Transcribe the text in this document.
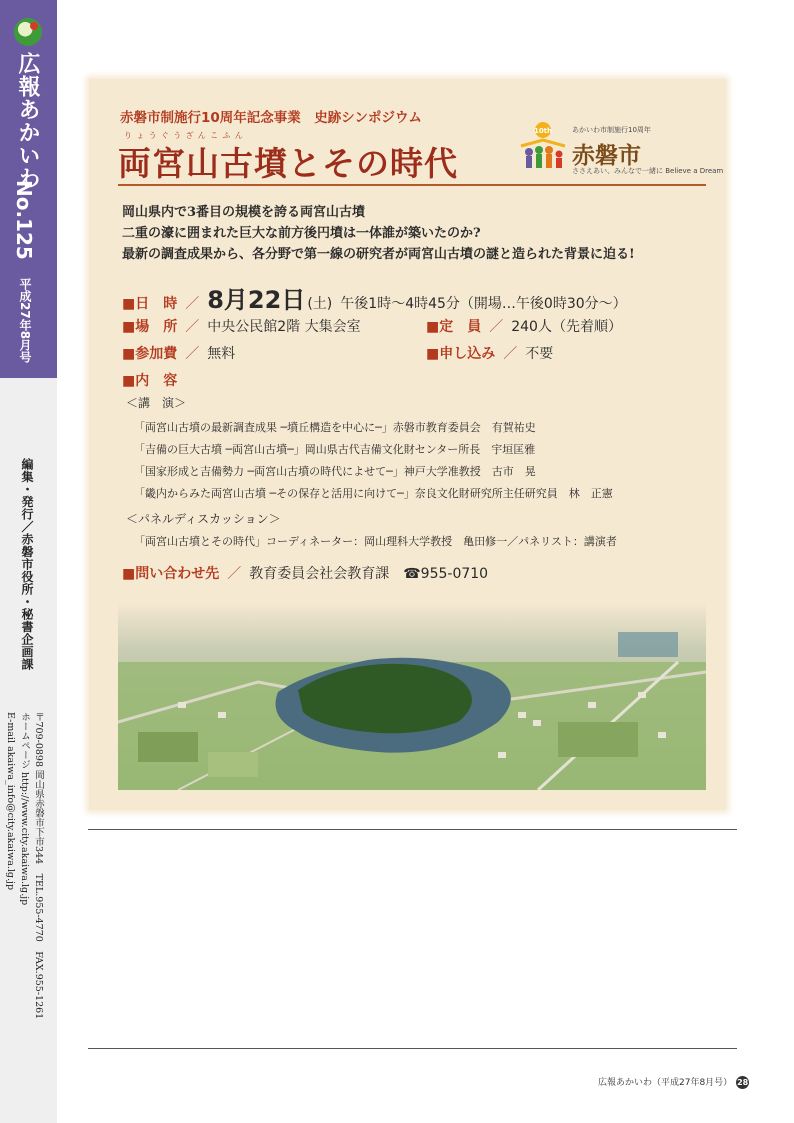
広報あかいわ
No.125
平成27年8月号
編集・発行／赤磐市役所・秘書企画課
〒709-0898 岡山県赤磐市下市344　TEL.955-4770　FAX.955-1261
ホームページ http://www.city.akaiwa.lg.jp
E-mail akaiwa_info@city.akaiwa.lg.jp
赤磐市制施行10周年記念事業　史跡シンポジウム
りょうぐうざんこふん
両宮山古墳とその時代
10th	あかいわ市制施行10周年
赤磐市
ささえあい、みんなで一緒に Believe a Dream
岡山県内で3番目の規模を誇る両宮山古墳
二重の濠に囲まれた巨大な前方後円墳は一体誰が築いたのか?
最新の調査成果から、各分野で第一線の研究者が両宮山古墳の謎と造られた背景に迫る!
■日　時 ／ 8月22日 (土) 午後1時～4時45分（開場…午後0時30分～）
■場　所 ／ 中央公民館2階 大集会室	■定　員 ／ 240人（先着順）
■参加費 ／ 無料	■申し込み ／ 不要
■内　容
＜講　演＞
「両宮山古墳の最新調査成果 ─墳丘構造を中心に─」赤磐市教育委員会　有賀祐史
「吉備の巨大古墳 ─両宮山古墳─」岡山県古代吉備文化財センター所長　宇垣匡雅
「国家形成と吉備勢力 ─両宮山古墳の時代によせて─」神戸大学准教授　古市　晃
「畿内からみた両宮山古墳 ─その保存と活用に向けて─」奈良文化財研究所主任研究員　林　正憲
＜パネルディスカッション＞
「両宮山古墳とその時代」コーディネーター：岡山理科大学教授　亀田修一／パネリスト：講演者
■問い合わせ先 ／ 教育委員会社会教育課 ☎955-0710
広報あかいわ（平成27年8月号） 28
